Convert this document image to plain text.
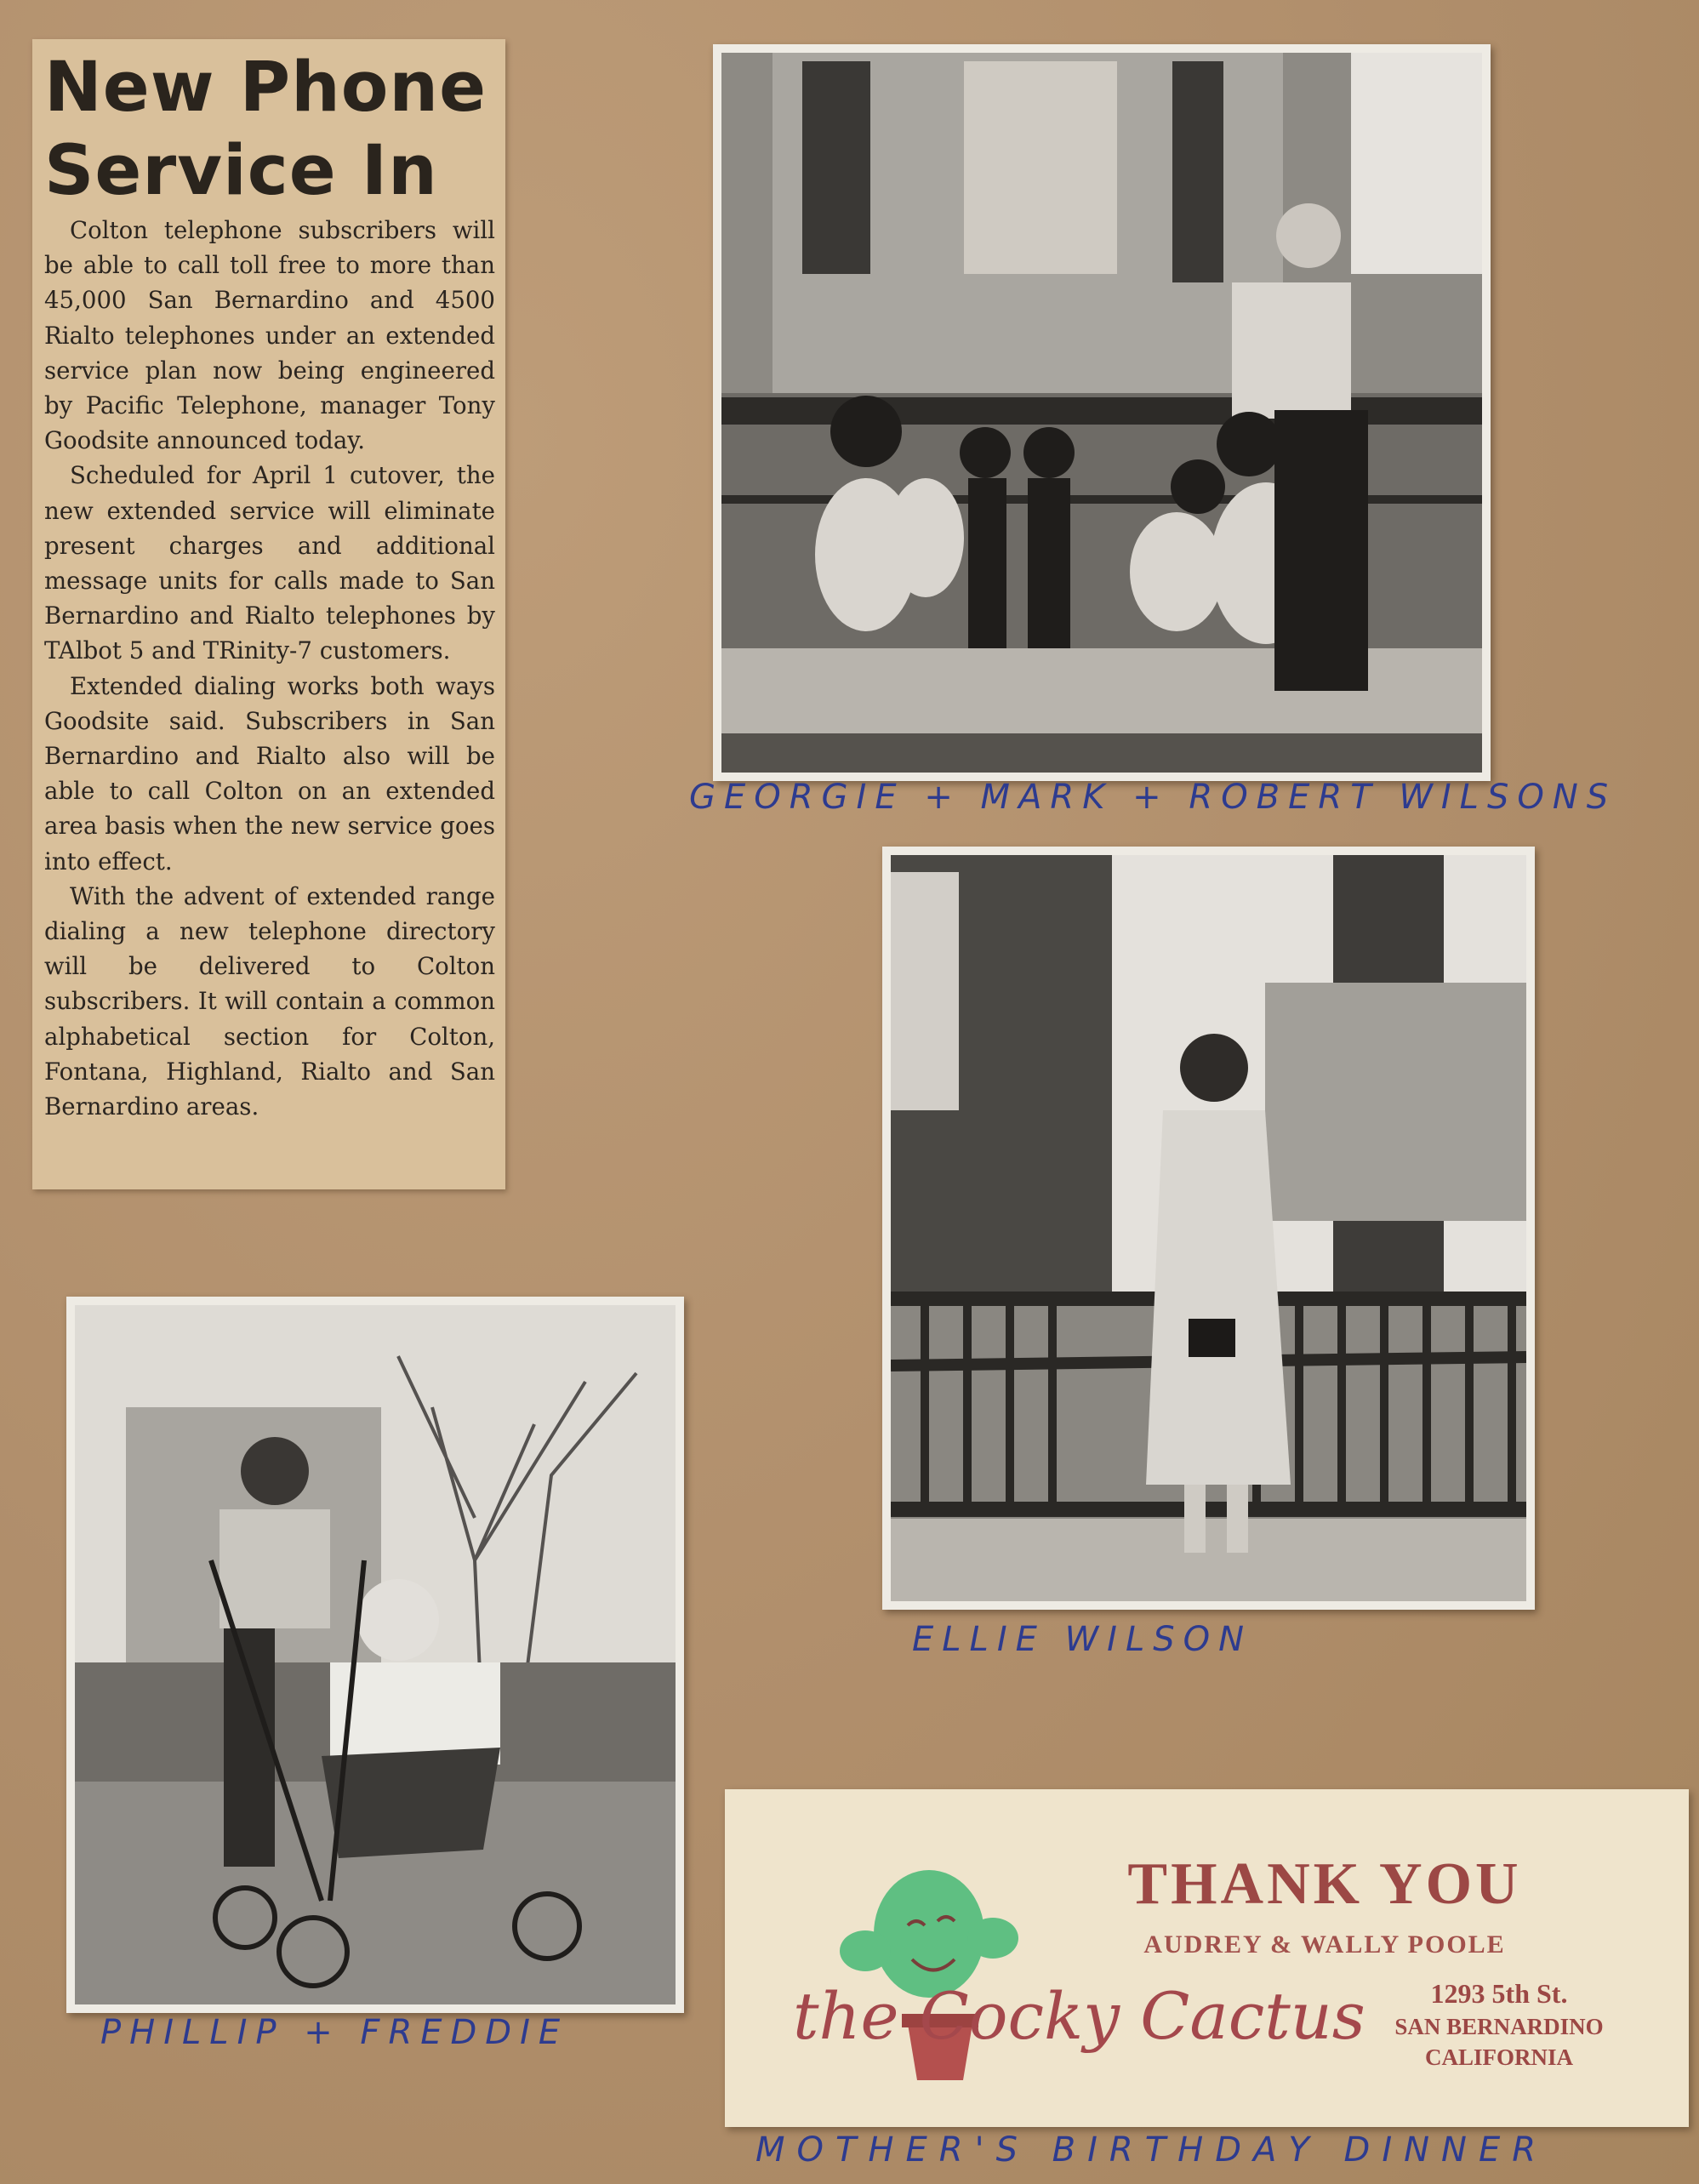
New Phone
Service In

Colton telephone subscribers will be able to call toll free to more than 45,000 San Bernardino and 4500 Rialto telephones under an extended service plan now being engineered by Pacific Telephone, manager Tony Goodsite announced today.

Scheduled for April 1 cutover, the new extended service will eliminate present charges and additional message units for calls made to San Bernardino and Rialto telephones by TAlbot 5 and TRinity-7 customers.

Extended dialing works both ways Goodsite said. Subscribers in San Bernardino and Rialto also will be able to call Colton on an extended area basis when the new service goes into effect.

With the advent of extended range dialing a new telephone directory will be delivered to Colton subscribers. It will contain a common alphabetical section for Colton, Fontana, Highland, Rialto and San Bernardino areas.

GEORGIE + MARK + ROBERT WILSONS
ELLIE WILSON
PHILLIP + FREDDIE
THANK YOU
AUDREY & WALLY POOLE
the Cocky Cactus	1293 5th St.
SAN BERNARDINO
CALIFORNIA
MOTHER'S BIRTHDAY DINNER
